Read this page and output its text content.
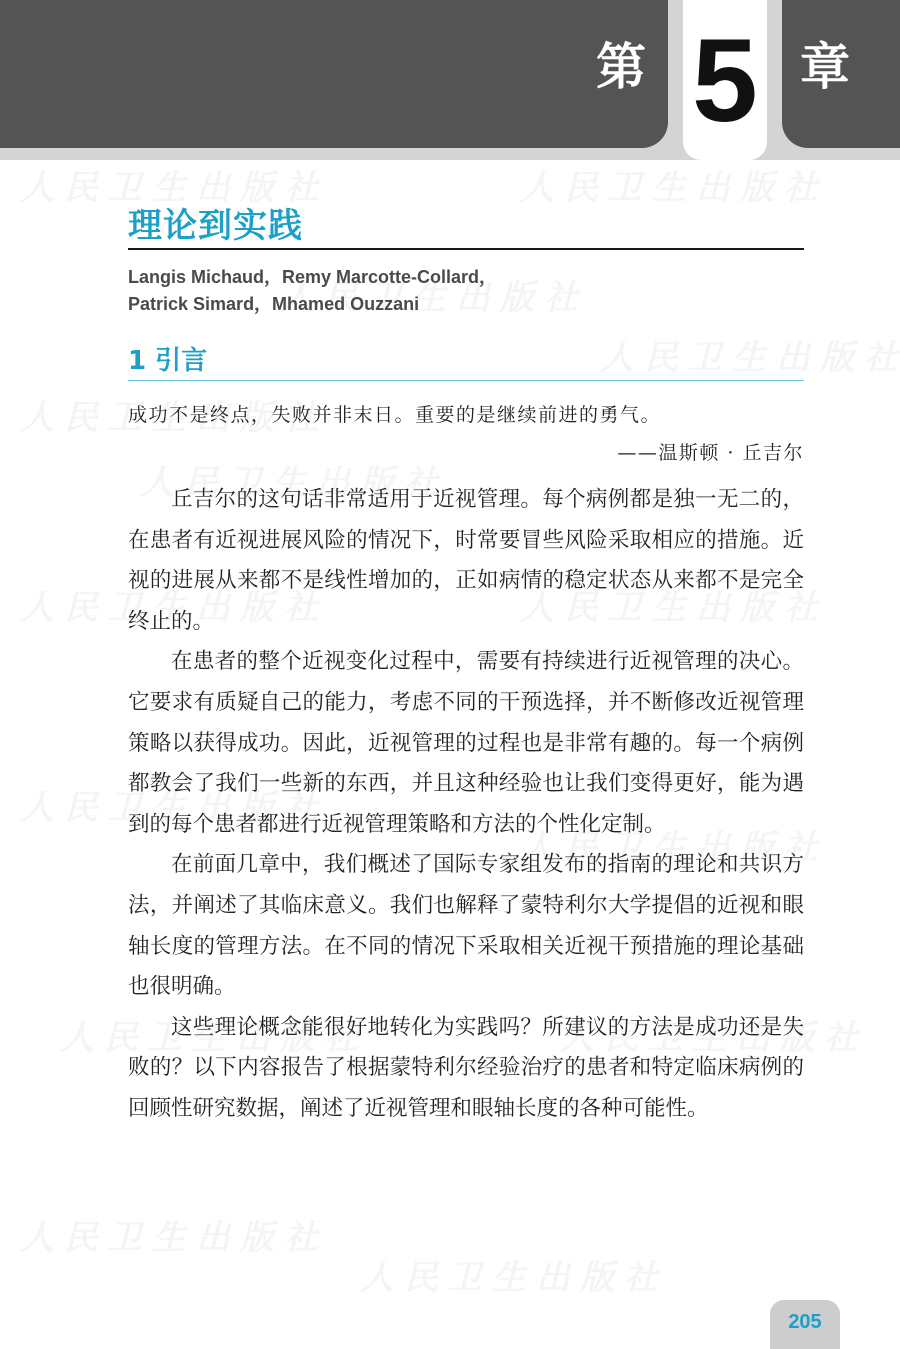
第 5 章
理论到实践
Langis Michaud，Remy Marcotte-Collard，
Patrick Simard，Mhamed Ouzzani
1 引言
成功不是终点，失败并非末日。重要的是继续前进的勇气。
——温斯顿 · 丘吉尔

丘吉尔的这句话非常适用于近视管理。每个病例都是独一无二的，在患者有近视进展风险的情况下，时常要冒些风险采取相应的措施。近视的进展从来都不是线性增加的，正如病情的稳定状态从来都不是完全终止的。

在患者的整个近视变化过程中，需要有持续进行近视管理的决心。它要求有质疑自己的能力，考虑不同的干预选择，并不断修改近视管理策略以获得成功。因此，近视管理的过程也是非常有趣的。每一个病例都教会了我们一些新的东西，并且这种经验也让我们变得更好，能为遇到的每个患者都进行近视管理策略和方法的个性化定制。

在前面几章中，我们概述了国际专家组发布的指南的理论和共识方法，并阐述了其临床意义。我们也解释了蒙特利尔大学提倡的近视和眼轴长度的管理方法。在不同的情况下采取相关近视干预措施的理论基础也很明确。

这些理论概念能很好地转化为实践吗？所建议的方法是成功还是失败的？以下内容报告了根据蒙特利尔经验治疗的患者和特定临床病例的回顾性研究数据，阐述了近视管理和眼轴长度的各种可能性。

205
